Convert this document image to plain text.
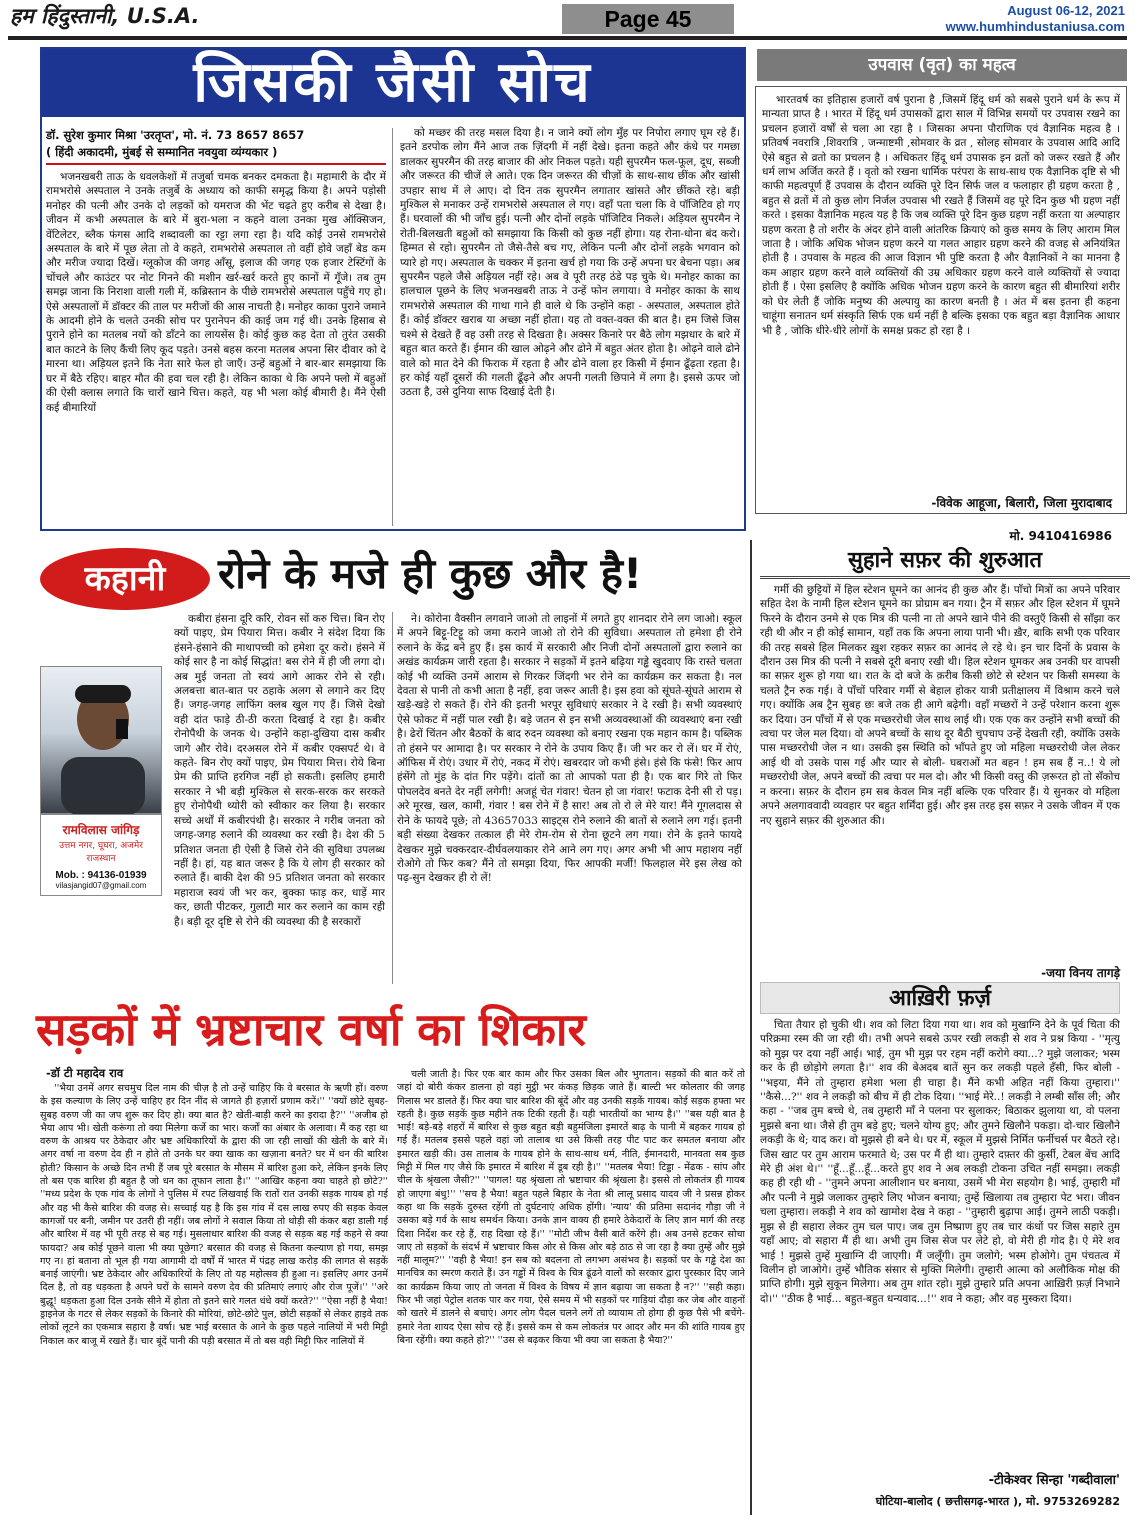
हम हिंदुस्तानी, U.S.A.	Page 45	August 06-12, 2021
www.humhindustaniusa.com
जिसकी जैसी सोच
डॉ. सुरेश कुमार मिश्रा 'उरतृप्त', मो. नं. 73 8657 8657
( हिंदी अकादमी, मुंबई से सम्मानित नवयुवा व्यंग्यकार )

भजनखबरी ताऊ के धवलकेशों में तजुर्बा चमक बनकर दमकता है। महामारी के दौर में रामभरोसे अस्पताल ने उनके तजुर्बे के अध्याय को काफी समृद्ध किया है। अपने पड़ोसी मनोहर की पत्नी और उनके दो लड़कों को यमराज की भेंट चढ़ते हुए करीब से देखा है। जीवन में कभी अस्पताल के बारे में बुरा-भला न कहने वाला उनका मुख ऑक्सिजन, वेंटिलेटर, ब्लैक फंगस आदि शब्दावली का रट्टा लगा रहा है। यदि कोई उनसे रामभरोसे अस्पताल के बारे में पूछ लेता तो वे कहते, रामभरोसे अस्पताल तो वहीं होवे जहाँ बेड कम और मरीज ज्यादा दिखें। ग्लूकोज की जगह आँसू, इलाज की जगह एक हजार टेस्टिंगों के चोंचले और काउंटर पर नोट गिनने की मशीन खर्र-खर्र करते हुए कानों में गूँजे। तब तुम समझ जाना कि निराशा वाली गली में, कब्रिस्तान के पीछे रामभरोसे अस्पताल पहुँचे गए हो। ऐसे अस्पतालों में डॉक्टर की ताल पर मरीजों की आस नाचती है। मनोहर काका पुराने जमाने के आदमी होने के चलते उनकी सोच पर पुरानेपन की काई जम गई थी। उनके हिसाब से पुराने होने का मतलब नयों को डाँटने का लायसेंस है। कोई कुछ कह देता तो तुरंत उसकी बात काटने के लिए कैंची लिए कूद पड़ते। उनसे बहस करना मतलब अपना सिर दीवार को दे मारना था। अड़ियल इतने कि नेता सारे फेल हो जाएँ। उन्हें बहुओं ने बार-बार समझाया कि घर में बैठे रहिए। बाहर मौत की हवा चल रही है। लेकिन काका थे कि अपने फ्लो में बहुओं की ऐसी क्लास लगाते कि चारों खाने चित्त। कहते, यह भी भला कोई बीमारी है। मैंने ऐसी कई बीमारियों

को मच्छर की तरह मसल दिया है। न जाने क्यों लोग मुँह पर निपोरा लगाए घूम रहे हैं। इतने डरपोक लोग मैंने आज तक ज़िंदगी में नहीं देखे। इतना कहते और कंधे पर गमछा डालकर सुपरमैन की तरह बाजार की ओर निकल पड़ते। यही सुपरमैन फल-फूल, दूध, सब्जी और जरूरत की चीजें ले आते। एक दिन जरूरत की चीज़ों के साथ-साथ छींक और खांसी उपहार साथ में ले आए। दो दिन तक सुपरमैन लगातार खांसते और छींकते रहे। बड़ी मुश्किल से मनाकर उन्हें रामभरोसे अस्पताल ले गए। वहाँ पता चला कि वे पॉजिटिव हो गए हैं। घरवालों की भी जाँच हुई। पत्नी और दोनों लड़के पॉजिटिव निकले। अड़ियल सुपरमैन ने रोती-बिलखती बहुओं को समझाया कि किसी को कुछ नहीं होगा। यह रोना-धोना बंद करो। हिम्मत से रहो। सुपरमैन तो जैसे-तैसे बच गए, लेकिन पत्नी और दोनों लड़के भगवान को प्यारे हो गए। अस्पताल के चक्कर में इतना खर्च हो गया कि उन्हें अपना घर बेचना पड़ा। अब सुपरमैन पहले जैसे अड़ियल नहीं रहे। अब वे पूरी तरह ठंडे पड़ चुके थे। मनोहर काका का हालचाल पूछने के लिए भजनखबरी ताऊ ने उन्हें फोन लगाया। वे मनोहर काका के साथ रामभरोसे अस्पताल की गाथा गाने ही वाले थे कि उन्होंने कहा - अस्पताल, अस्पताल होते हैं। कोई डॉक्टर खराब या अच्छा नहीं होता। यह तो वक्त-वक्त की बात है। हम जिसे जिस चश्मे से देखते हैं वह उसी तरह से दिखता है। अक्सर किनारे पर बैठे लोग मझधार के बारे में बहुत बात करते हैं। ईमान की खाल ओढ़ने और ढोने में बहुत अंतर होता है। ओढ़ने वाले ढोने वाले को मात देने की फिराक में रहता है और ढोने वाला हर किसी में ईमान ढूँढ़ता रहता है। हर कोई यहाँ दूसरों की गलती ढूँढ़ने और अपनी गलती छिपाने में लगा है। इससे ऊपर जो उठता है, उसे दुनिया साफ दिखाई देती है।

उपवास (वृत) का महत्व

भारतवर्ष का इतिहास हजारों वर्ष पुराना है ,जिसमें हिंदू धर्म को सबसे पुराने धर्म के रूप में मान्यता प्राप्त है । भारत में हिंदू धर्म उपासकों द्वारा साल में विभिन्न समयों पर उपवास रखने का प्रचलन हजारों वर्षों से चला आ रहा है । जिसका अपना पौराणिक एवं वैज्ञानिक महत्व है । प्रतिवर्ष नवरात्रि ,शिवरात्रि , जन्माष्टमी ,सोमवार के व्रत , सोलह सोमवार के उपवास आदि आदि ऐसे बहुत से व्रतो का प्रचलन है । अधिकतर हिंदू धर्म उपासक इन व्रतों को जरूर रखते हैं और धर्म लाभ अर्जित करते हैं । वृतो को रखना धार्मिक परंपरा के साथ-साथ एक वैज्ञानिक दृष्टि से भी काफी महत्वपूर्ण हैं उपवास के दौरान व्यक्ति पूरे दिन सिर्फ जल व फलाहार ही ग्रहण करता है , बहुत से व्रतों में तो कुछ लोग निर्जल उपवास भी रखते हैं जिसमें वह पूरे दिन कुछ भी ग्रहण नहीं करते । इसका वैज्ञानिक महत्व यह है कि जब व्यक्ति पूरे दिन कुछ ग्रहण नहीं करता या अल्पाहार ग्रहण करता है तो शरीर के अंदर होने वाली आंतरिक क्रियाएं को कुछ समय के लिए आराम मिल जाता है । जोकि अधिक भोजन ग्रहण करने या गलत आहार ग्रहण करने की वजह से अनियंत्रित होती है । उपवास के महत्व की आज विज्ञान भी पुष्टि करता है और वैज्ञानिकों ने का मानना है कम आहार ग्रहण करने वाले व्यक्तियों की उम्र अधिकार ग्रहण करने वाले व्यक्तियों से ज्यादा होती हैं । ऐसा इसलिए है क्योंकि अधिक भोजन ग्रहण करने के कारण बहुत सी बीमारियां शरीर को घेर लेती हैं जोकि मनुष्य की अल्पायु का कारण बनती है । अंत में बस इतना ही कहना चाहूंगा सनातन धर्म संस्कृति सिर्फ एक धर्म नहीं है बल्कि इसका एक बहुत बड़ा वैज्ञानिक आधार भी है , जोकि धीरे-धीरे लोगों के समक्ष प्रकट हो रहा है ।

-विवेक आहूजा, बिलारी, जिला मुरादाबाद
मो. 9410416986
कहानी	रोने के मजे ही कुछ और है!

कबीरा हंसना दूरि करि, रोवन सों करु चित्त। बिन रोए क्यों पाइए, प्रेम पियारा मित्त। कबीर ने संदेश दिया कि हंसने-हंसाने की माथापच्ची को हमेशा दूर करो। हंसने में कोई सार है ना कोई सिद्धांत! बस रोने में ही जी लगा दो। अब मुई जनता तो स्वयं आगे आकर रोने से रही। अलबत्ता बात-बात पर ठहाके अलग से लगाने कर दिए हैं। जगह-जगह लाफिंग क्लब खुल गए हैं। जिसे देखो वही दांत फाड़े ठी-ठी करता दिखाई दे रहा है। कबीर रोनोपैथी के जनक थे। उन्होंने कहा-दुखिया दास कबीर जागे और रोवे। दरअसल रोने में कबीर एक्सपर्ट थे। वे कहते- बिन रोए क्यों पाइए, प्रेम पियारा मित्त। रोये बिना प्रेम की प्राप्ति हरगिज नहीं हो सकती। इसलिए हमारी सरकार ने भी बड़ी मुश्किल से सरक-सरक कर सरकते हुए रोनोपैथी थ्योरी को स्वीकार कर लिया है। सरकार सच्चे अर्थों में कबीरपंथी है। सरकार ने गरीब जनता को जगह-जगह रुलाने की व्यवस्था कर रखी है। देश की 5 प्रतिशत जनता ही ऐसी है जिसे रोने की सुविधा उपलब्ध नहीं है। हां, यह बात जरूर है कि ये लोग ही सरकार को रुलाते हैं। बाकी देश की 95 प्रतिशत जनता को सरकार महाराज स्वयं जी भर कर, बुक्का फाड़ कर, धाड़ें मार कर, छाती पीटकर, गुलाटी मार कर रुलाने का काम रही है। बड़ी दूर दृष्टि से रोने की व्यवस्था की है सरकारों

रामविलास जांगिड़
उत्तम नगर, घूघरा, अजमेर
राजस्थान
Mob. : 94136-01939
vilasjangid07@gmail.com

ने। कोरोना वैक्सीन लगवाने जाओ तो लाइनों में लगते हुए शानदार रोने लग जाओ। स्कूल में अपने बिट्टू-टिट्टू को जमा कराने जाओ तो रोने की सुविधा। अस्पताल तो हमेशा ही रोने रुलाने के केंद्र बने हुए हैं। इस कार्य में सरकारी और निजी दोनों अस्पतालों द्वारा रुलाने का अखंड कार्यक्रम जारी रहता है। सरकार ने सड़कों में इतने बढ़िया गड्ढे खुदवाए कि रास्ते चलता कोई भी व्यक्ति उनमें आराम से गिरकर जिंदगी भर रोने का कार्यक्रम कर सकता है। नल देवता से पानी तो कभी आता है नहीं, हवा जरूर आती है। इस हवा को सूंघते-सूंघते आराम से खड़े-खड़े रो सकते हैं। रोने की इतनी भरपूर सुविधाएं सरकार ने दे रखी है। सभी व्यवस्थाएं ऐसे फोकट में नहीं पाल रखी है। बड़े जतन से इन सभी अव्यवस्थाओं की व्यवस्थाएं बना रखी है। ढेरों चिंतन और बैठकों के बाद रुदन व्यवस्था को बनाए रखना एक महान काम है। पब्लिक तो हंसने पर आमादा है। पर सरकार ने रोने के उपाय किए हैं। जी भर कर रो लें। घर में रोएं, ऑफिस में रोएं। उधार में रोएं, नकद में रोएं। खबरदार जो कभी हंसे। हंसे कि फंसे! फिर आप हंसेंगे तो मुंह के दांत गिर पड़ेंगे। दांतों का तो आपको पता ही है। एक बार गिरे तो फिर पोपलदेव बनते देर नहीं लगेगी! अजहूं चेत गंवार! चेतन हो जा गंवार! फटाक देनी सी रो पड़। अरे मूरख, खल, कामी, गंवार ! बस रोने में है सार! अब तो रो ले मेरे यार! मैंने गूगलदास से रोने के फायदे पूछे; तो 43657033 साइट्स रोने रुलाने की बातों से रुलाने लग गई। इतनी बड़ी संख्या देखकर तत्काल ही मेरे रोम-रोम से रोना छूटने लग गया। रोने के इतने फायदे देखकर मुझे चक्करदार-दीर्घवलयाकार रोने आने लग गए। अगर अभी भी आप महाशय नहीं रोओगे तो फिर कब? मैंने तो समझा दिया, फिर आपकी मर्जी! फिलहाल मेरे इस लेख को पढ़-सुन देखकर ही रो लें!

सुहाने सफ़र की शुरुआत

गर्मी की छुट्टियों में हिल स्टेशन घूमने का आनंद ही कुछ और हैं। पाँचो मित्रों का अपने परिवार सहित देश के नामी हिल स्टेशन घूमने का प्रोग्राम बन गया। ट्रैन में सफ़र और हिल स्टेशन में घूमने फिरने के दौरान उनमे से एक मित्र की पत्नी ना तो अपने खाने पीने की वस्तुएँ किसी से साँझा कर रही थी और न ही कोई सामान, यहाँ तक कि अपना लाया पानी भी। ख़ैर, बाकि सभी एक परिवार की तरह सबसे हिल मिलकर ख़ुश रहकर सफ़र का आनंद ले रहे थे। इन चार दिनों के प्रवास के दौरान उस मित्र की पत्नी ने सबसे दूरी बनाए रखी थी। हिल स्टेशन घूमकर अब उनकी घर वापसी का सफ़र शुरू हो गया था। रात के दो बजे के क़रीब किसी छोटे से स्टेशन पर किसी समस्या के चलते ट्रैन रुक गई। वे पाँचों परिवार गर्मी से बेहाल होकर यात्री प्रतीक्षालय में विश्राम करने चले गए। क्योंकि अब ट्रैन सुबह छः बजे तक ही आगे बढ़ेगी। वहाँ मच्छरों ने उन्हें परेशान करना शुरू कर दिया। उन पाँचों में से एक मच्छररोधी जेल साथ लाई थी। एक एक कर उन्होंने सभी बच्चों की त्वचा पर जेल मल दिया। वो अपने बच्चों के साथ दूर बैठी चुपचाप उन्हें देखती रही, क्योंकि उसके पास मच्छररोधी जेल न था। उसकी इस स्थिति को भाँपते हुए जो महिला मच्छररोधी जेल लेकर आई थी वो उसके पास गई और प्यार से बोली- घबराओं मत बहन ! हम सब हैं न..! ये लो मच्छररोधी जेल, अपने बच्चों की त्वचा पर मल दो। और भी किसी वस्तु की ज़रूरत हो तो सँकोच न करना। सफ़र के दौरान हम सब केवल मित्र नहीं बल्कि एक परिवार हैं। ये सुनकर वो महिला अपने अलगाववादी व्यवहार पर बहुत शर्मिंदा हुई। और इस तरह इस सफ़र ने उसके जीवन में एक नए सुहाने सफ़र की शुरुआत की।

-जया विनय तागड़े
आख़िरी फ़र्ज़

चिता तैयार हो चुकी थी। शव को लिटा दिया गया था। शव को मुखाग्नि देने के पूर्व चिता की परिक्रमा रस्म की जा रही थी। तभी अपने सबसे ऊपर रखी लकड़ी से शव ने प्रश्न किया - ''मृत्यु को मुझ पर दया नहीं आई। भाई, तुम भी मुझ पर रहम नहीं करोगे क्या...? मुझे जलाकर; भस्म कर के ही छोड़ोगे लगता है।'' शव की बेअदब बातें सुन कर लकड़ी पहले हँसी, फिर बोली - ''भइया, मैंने तो तुम्हारा हमेशा भला ही चाहा है। मैंने कभी अहित नहीं किया तुम्हारा।'' ''कैसे...?'' शव ने लकड़ी को बीच में ही टोक दिया। ''भाई मेरे..! लकड़ी ने लम्बी साँस ली; और कहा - ''जब तुम बच्चे थे, तब तुम्हारी माँ ने पलना पर सुलाकर; बिठाकर झुलाया था, वो पलना मुझसे बना था। जैसे ही तुम बड़े हुए; चलने योग्य हुए; और तुमने खिलौने पकड़ा। दो-चार खिलौने लकड़ी के थे; याद कर। वो मुझसे ही बने थे। घर में, स्कूल में मुझसे निर्मित फर्नीचर्स पर बैठते रहे। जिस खाट पर तुम आराम फरमाते थे; उस पर मैं ही था। तुम्हारे दफ़्तर की कुर्सी, टेबल बेंच आदि मेरे ही अंश थे।'' ''हूँ...हूँ...हूँ...करते हुए शव ने अब लकड़ी टोकना उचित नहीं समझा। लकड़ी कह ही रही थी - ''तुमने अपना आलीशान घर बनाया, उसमें भी मेरा सहयोग है। भाई, तुम्हारी माँ और पत्नी ने मुझे जलाकर तुम्हारे लिए भोजन बनाया; तुम्हें खिलाया तब तुम्हारा पेट भरा। जीवन चला तुम्हारा। लकड़ी ने शव को खामोश देख ने कहा - ''तुम्हारी बुढ़ापा आई। तुमने लाठी पकड़ी। मुझ से ही सहारा लेकर तुम चल पाए। जब तुम निष्प्राण हुए तब चार कंधों पर जिस सहारे तुम यहाँ आए; वो सहारा मैं ही था। अभी तुम जिस सेज पर लेटे हो, वो मेरी ही गोद है। ऐ मेरे शव भाई ! मुझसे तुम्हें मुखाग्नि दी जाएगी। मैं जलूँगी। तुम जलोगे; भस्म होओगे। तुम पंचतत्व में विलीन हो जाओगे। तुम्हें भौतिक संसार से मुक्ति मिलेगी। तुम्हारी आत्मा को अलौकिक मोक्ष की प्राप्ति होगी। मुझे सुकून मिलेगा। अब तुम शांत रहो। मुझे तुम्हारे प्रति अपना आख़िरी फ़र्ज़ निभाने दो।'' ''ठीक है भाई... बहुत-बहुत धन्यवाद...!'' शव ने कहा; और वह मुस्करा दिया।

-टीकेश्वर सिन्हा 'गब्दीवाला'
घोटिया-बालोद ( छत्तीसगढ़-भारत ), मो. 9753269282
सड़कों में भ्रष्टाचार वर्षा का शिकार
-डॉ टी महादेव राव

''भैया उनमें अगर सचमुच दिल नाम की चीज़ है तो उन्हें चाहिए कि वे बरसात के ऋणी हों। वरुण के इस कल्याण के लिए उन्हें चाहिए हर दिन नींद से जागते ही हज़ारों प्रणाम करें।'' ''क्यों छोटे सुबह-सुबह वरुण जी का जप शुरू कर दिए हो। क्या बात है? खेती-बाड़ी करने का इरादा है?'' ''अजीब हो भैया आप भी। खेती करूंगा तो क्या मिलेगा कर्जे का भार। कर्जों का अंबार के अलावा। मैं कह रहा था वरुण के आश्रय पर ठेकेदार और भ्रष्ट अधिकारियों के द्वारा की जा रही लाखों की खेती के बारे में। अगर वर्षा ना वरुण देव ही न होते तो उनके घर क्या खाक का खज़ाना बनते? घर में धन की बारिश होती? किसान के अच्छे दिन तभी हैं जब पूरे बरसात के मौसम में बारिश हुआ करे, लेकिन इनके लिए तो बस एक बारिश ही बहुत है जो धन का तूफान लाता है।'' ''आखिर कहना क्या चाहते हो छोटे?'' ''मध्य प्रदेश के एक गांव के लोगों ने पुलिस में रपट लिखवाई कि रातों रात उनकी सड़क गायब हो गई और वह भी कैसे बारिश की वजह से। सच्चाई यह है कि इस गांव में दस लाख रुपए की सड़क केवल कागजों पर बनी, जमीन पर उतरी ही नहीं। जब लोगों ने सवाल किया तो थोड़ी सी कंकर बहा डाली गई और बारिश में वह भी पूरी तरह से बह गई। मुसलाधार बारिश की वजह से सड़क बह गई कहने से क्या फायदा? अब कोई पूछने वाला भी क्या पूछेगा? बरसात की वजह से कितना कल्याण हो गया, समझ गए न। हां बताना तो भूल ही गया आगामी दो वर्षों में भारत में पंद्रह लाख करोड़ की लागत से सड़कें बनाई जाएंगी। भ्रष्ट ठेकेदार और अधिकारियों के लिए तो यह महोत्सव ही हुआ न। इसलिए अगर उनमें दिल है, तो वह धड़कता है अपने घरों के सामने वरुण देव की प्रतिमाएं लगाएं और रोज पूजें।'' ''अरे बुद्धू! धड़कता हुआ दिल उनके सीने में होता तो इतने सारे गलत धंधे क्यों करते?'' ''ऐसा नहीं है भैया! ड्राइनेज के गटर से लेकर सड़कों के किनारे की मोरियां, छोटे-छोटे पुल, छोटी सड़कों से लेकर हाइवे तक लोकों लूटने का एकमात्र सहारा है वर्षा। भ्रष्ट भाई बरसात के आने के कुछ पहले नालियों में भरी मिट्टी निकाल कर बाजू में रखते हैं। चार बूंदें पानी की पड़ी बरसात में तो बस वही मिट्टी फिर नालियों में

चली जाती है। फिर एक बार काम और फिर उसका बिल और भुगतान। सड़कों की बात करें तो जहां दो बोरी कंकर डालना हो वहां मुट्ठी भर कंकड़ छिड़क जाते हैं। बाल्टी भर कोलतार की जगह गिलास भर डालते हैं। फिर क्या चार बारिश की बूंदें और वह उनकी सड़कें गायब। कोई सड़क हफ्ता भर रहती है। कुछ सड़कें कुछ महीने तक टिकी रहती हैं। यही भारतीयों का भाग्य है।'' ''बस यही बात है भाई! बड़े-बड़े शहरों में बारिश से कुछ बहुत बड़ी बहुमंजिला इमारतें बाढ़ के पानी में बहकर गायब हो गई हैं। मतलब इससे पहले वहां जो तालाब था उसे किसी तरह पीट पाट कर समतल बनाया और इमारत खड़ी की। उस तालाब के गायब होने के साथ-साथ धर्म, नीति, ईमानदारी, मानवता सब कुछ मिट्टी में मिल गए जैसे कि इमारत में बारिश में डूब रही है।'' ''मतलब भैया! टिड्डा - मेंढक - सांप और चील के श्रृंखला जैसी?'' ''पागल! यह श्रृंखला तो भ्रष्टाचार की श्रृंखला है। इससे तो लोकतंत्र ही गायब हो जाएगा बंधु!'' ''सच है भैया! बहुत पहले बिहार के नेता श्री लालू प्रसाद यादव जी ने प्रसन्न होकर कहा था कि सड़कें दुरुस्त रहेंगी तो दुर्घटनाएं अधिक होंगी। 'न्याय' की प्रतिमा सदानंद गौड़ा जी ने उसका बड़े गर्व के साथ समर्थन किया। उनके ज्ञान वाक्य ही हमारे ठेकेदारों के लिए ज्ञान मार्ग की तरह दिशा निर्देश कर रहे हैं, राह दिखा रहे हैं।'' ''मोटी जीभ वैसी बातें करेंगे ही। अब उनसे हटकर सोचा जाए तो सड़कों के संदर्भ में भ्रष्टाचार किस ओर से किस ओर बड़े ठाठ से जा रहा है क्या तुम्हें और मुझे नहीं मालूम?'' ''वही है भैया! इन सब को बदलना तो लगभग असंभव है। सड़कों पर के गड्ढे देश का मानचित्र का स्मरण कराते हैं। उन गड्ढों में विश्व के चित्र ढूंढने वालों को सरकार द्वारा पुरस्कार दिए जाने का कार्यक्रम किया जाए तो जनता में विश्व के विषय में ज्ञान बढ़ाया जा सकता है न?'' ''सही कहा। फिर भी जहां पेट्रोल शतक पार कर गया, ऐसे समय में भी सड़कों पर गाड़ियां दौड़ा कर जेब और वाहनों को खतरे में डालने से बचाएं। अगर लोग पैदल चलने लगें तो व्यायाम तो होगा ही कुछ पैसे भी बचेंगे- हमारे नेता शायद ऐसा सोच रहे हैं। इससे कम से कम लोकतंत्र पर आदर और मन की शांति गायब हुए बिना रहेंगी। क्या कहते हो?'' ''उस से बढ़कर किया भी क्या जा सकता है भैया?''
